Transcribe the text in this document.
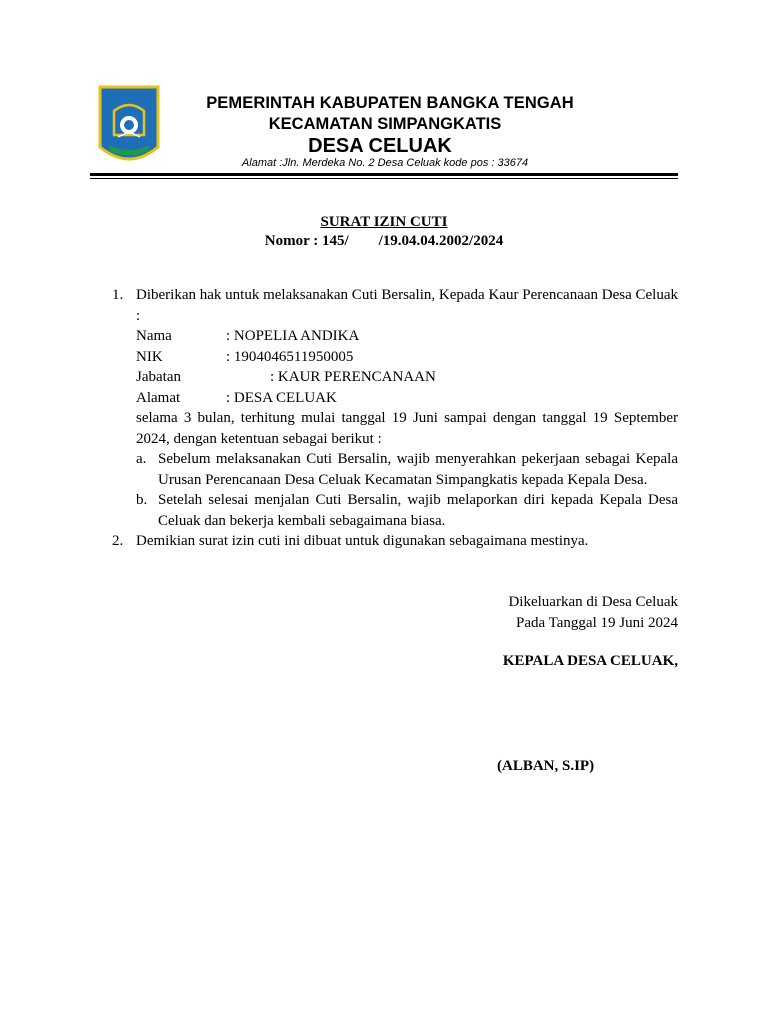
PEMERINTAH KABUPATEN BANGKA TENGAH
KECAMATAN SIMPANGKATIS
DESA CELUAK
Alamat :Jln. Merdeka No. 2 Desa Celuak kode pos : 33674
SURAT IZIN CUTI
Nomor : 145/        /19.04.04.2002/2024
1. Diberikan hak untuk melaksanakan Cuti Bersalin, Kepada Kaur Perencanaan Desa Celuak :
Nama	: NOPELIA ANDIKA
NIK	: 1904046511950005
Jabatan	: KAUR PERENCANAAN
Alamat	: DESA CELUAK
selama 3 bulan, terhitung mulai tanggal 19 Juni sampai dengan tanggal 19 September 2024, dengan ketentuan sebagai berikut :
a. Sebelum melaksanakan Cuti Bersalin, wajib menyerahkan pekerjaan sebagai Kepala Urusan Perencanaan Desa Celuak Kecamatan Simpangkatis kepada Kepala Desa.
b. Setelah selesai menjalan Cuti Bersalin, wajib melaporkan diri kepada Kepala Desa Celuak dan bekerja kembali sebagaimana biasa.
2. Demikian surat izin cuti ini dibuat untuk digunakan sebagaimana mestinya.
Dikeluarkan di Desa Celuak
Pada Tanggal 19 Juni 2024
KEPALA DESA CELUAK,
(ALBAN, S.IP)
